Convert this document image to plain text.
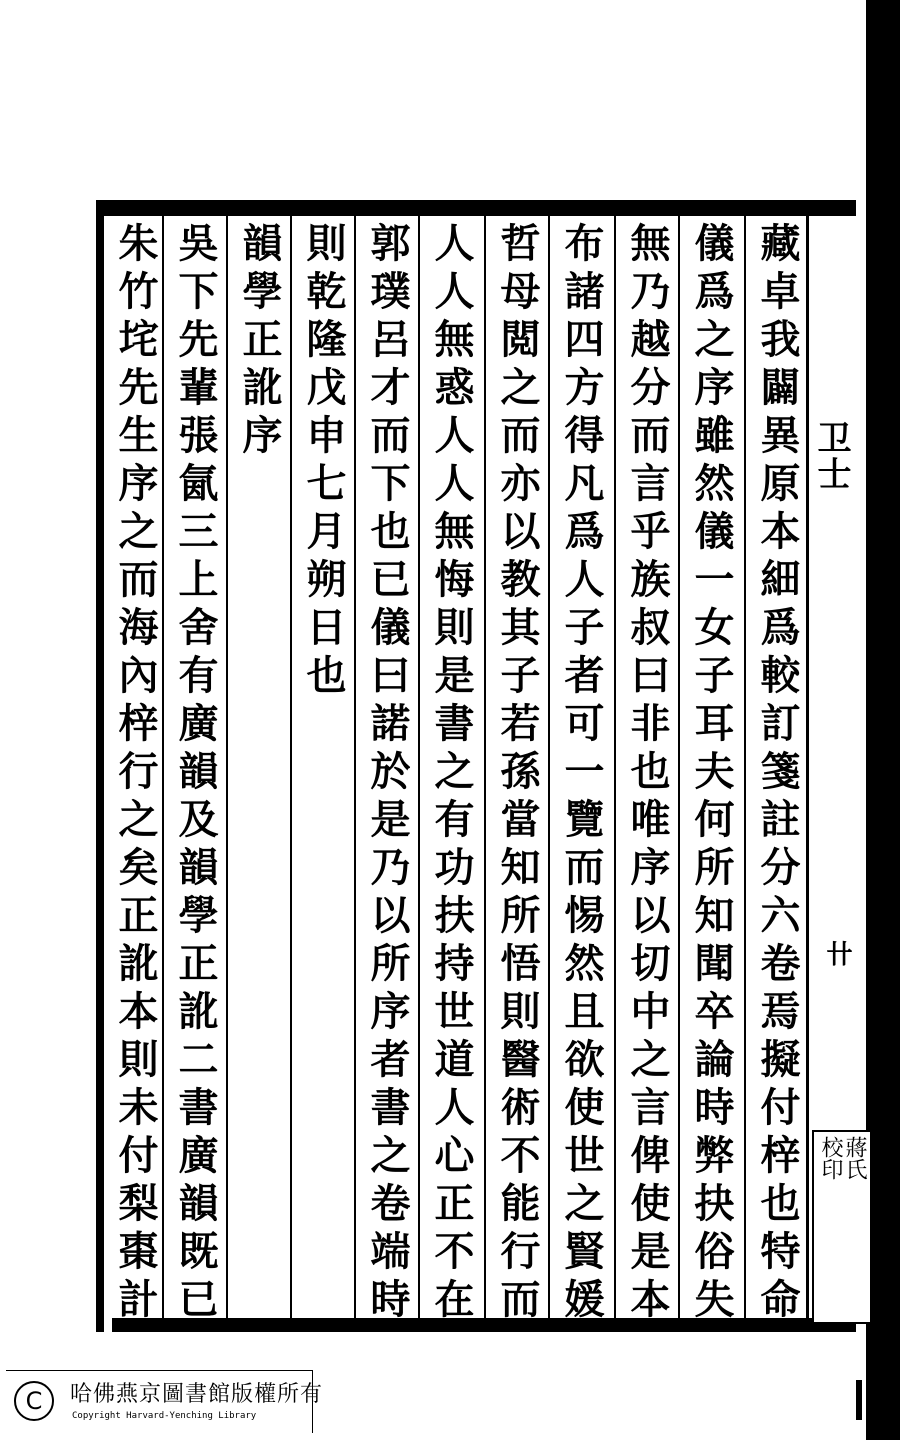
藏卓我闢異原本細爲較訂箋註分六卷焉擬付梓也特命
儀爲之序雖然儀一女子耳夫何所知聞卒論時弊抉俗失
無乃越分而言乎族叔曰非也唯序以切中之言俾使是本
布諸四方得凡爲人子者可一覽而惕然且欲使世之賢媛
哲母閲之而亦以教其子若孫當知所悟則醫術不能行而
人人無惑人人無悔則是書之有功扶持世道人心正不在
郭璞呂才而下也已儀曰諾於是乃以所序者書之卷端時
則乾隆戊申七月朔日也
韻學正訛序
吳下先輩張氤三上舍有廣韻及韻學正訛二書廣韻既已
朱竹垞先生序之而海內梓行之矣正訛本則未付梨棗計	卫士
卄
蔣氏
校印
C	哈佛燕京圖書館版權所有
Copyright Harvard-Yenching Library
